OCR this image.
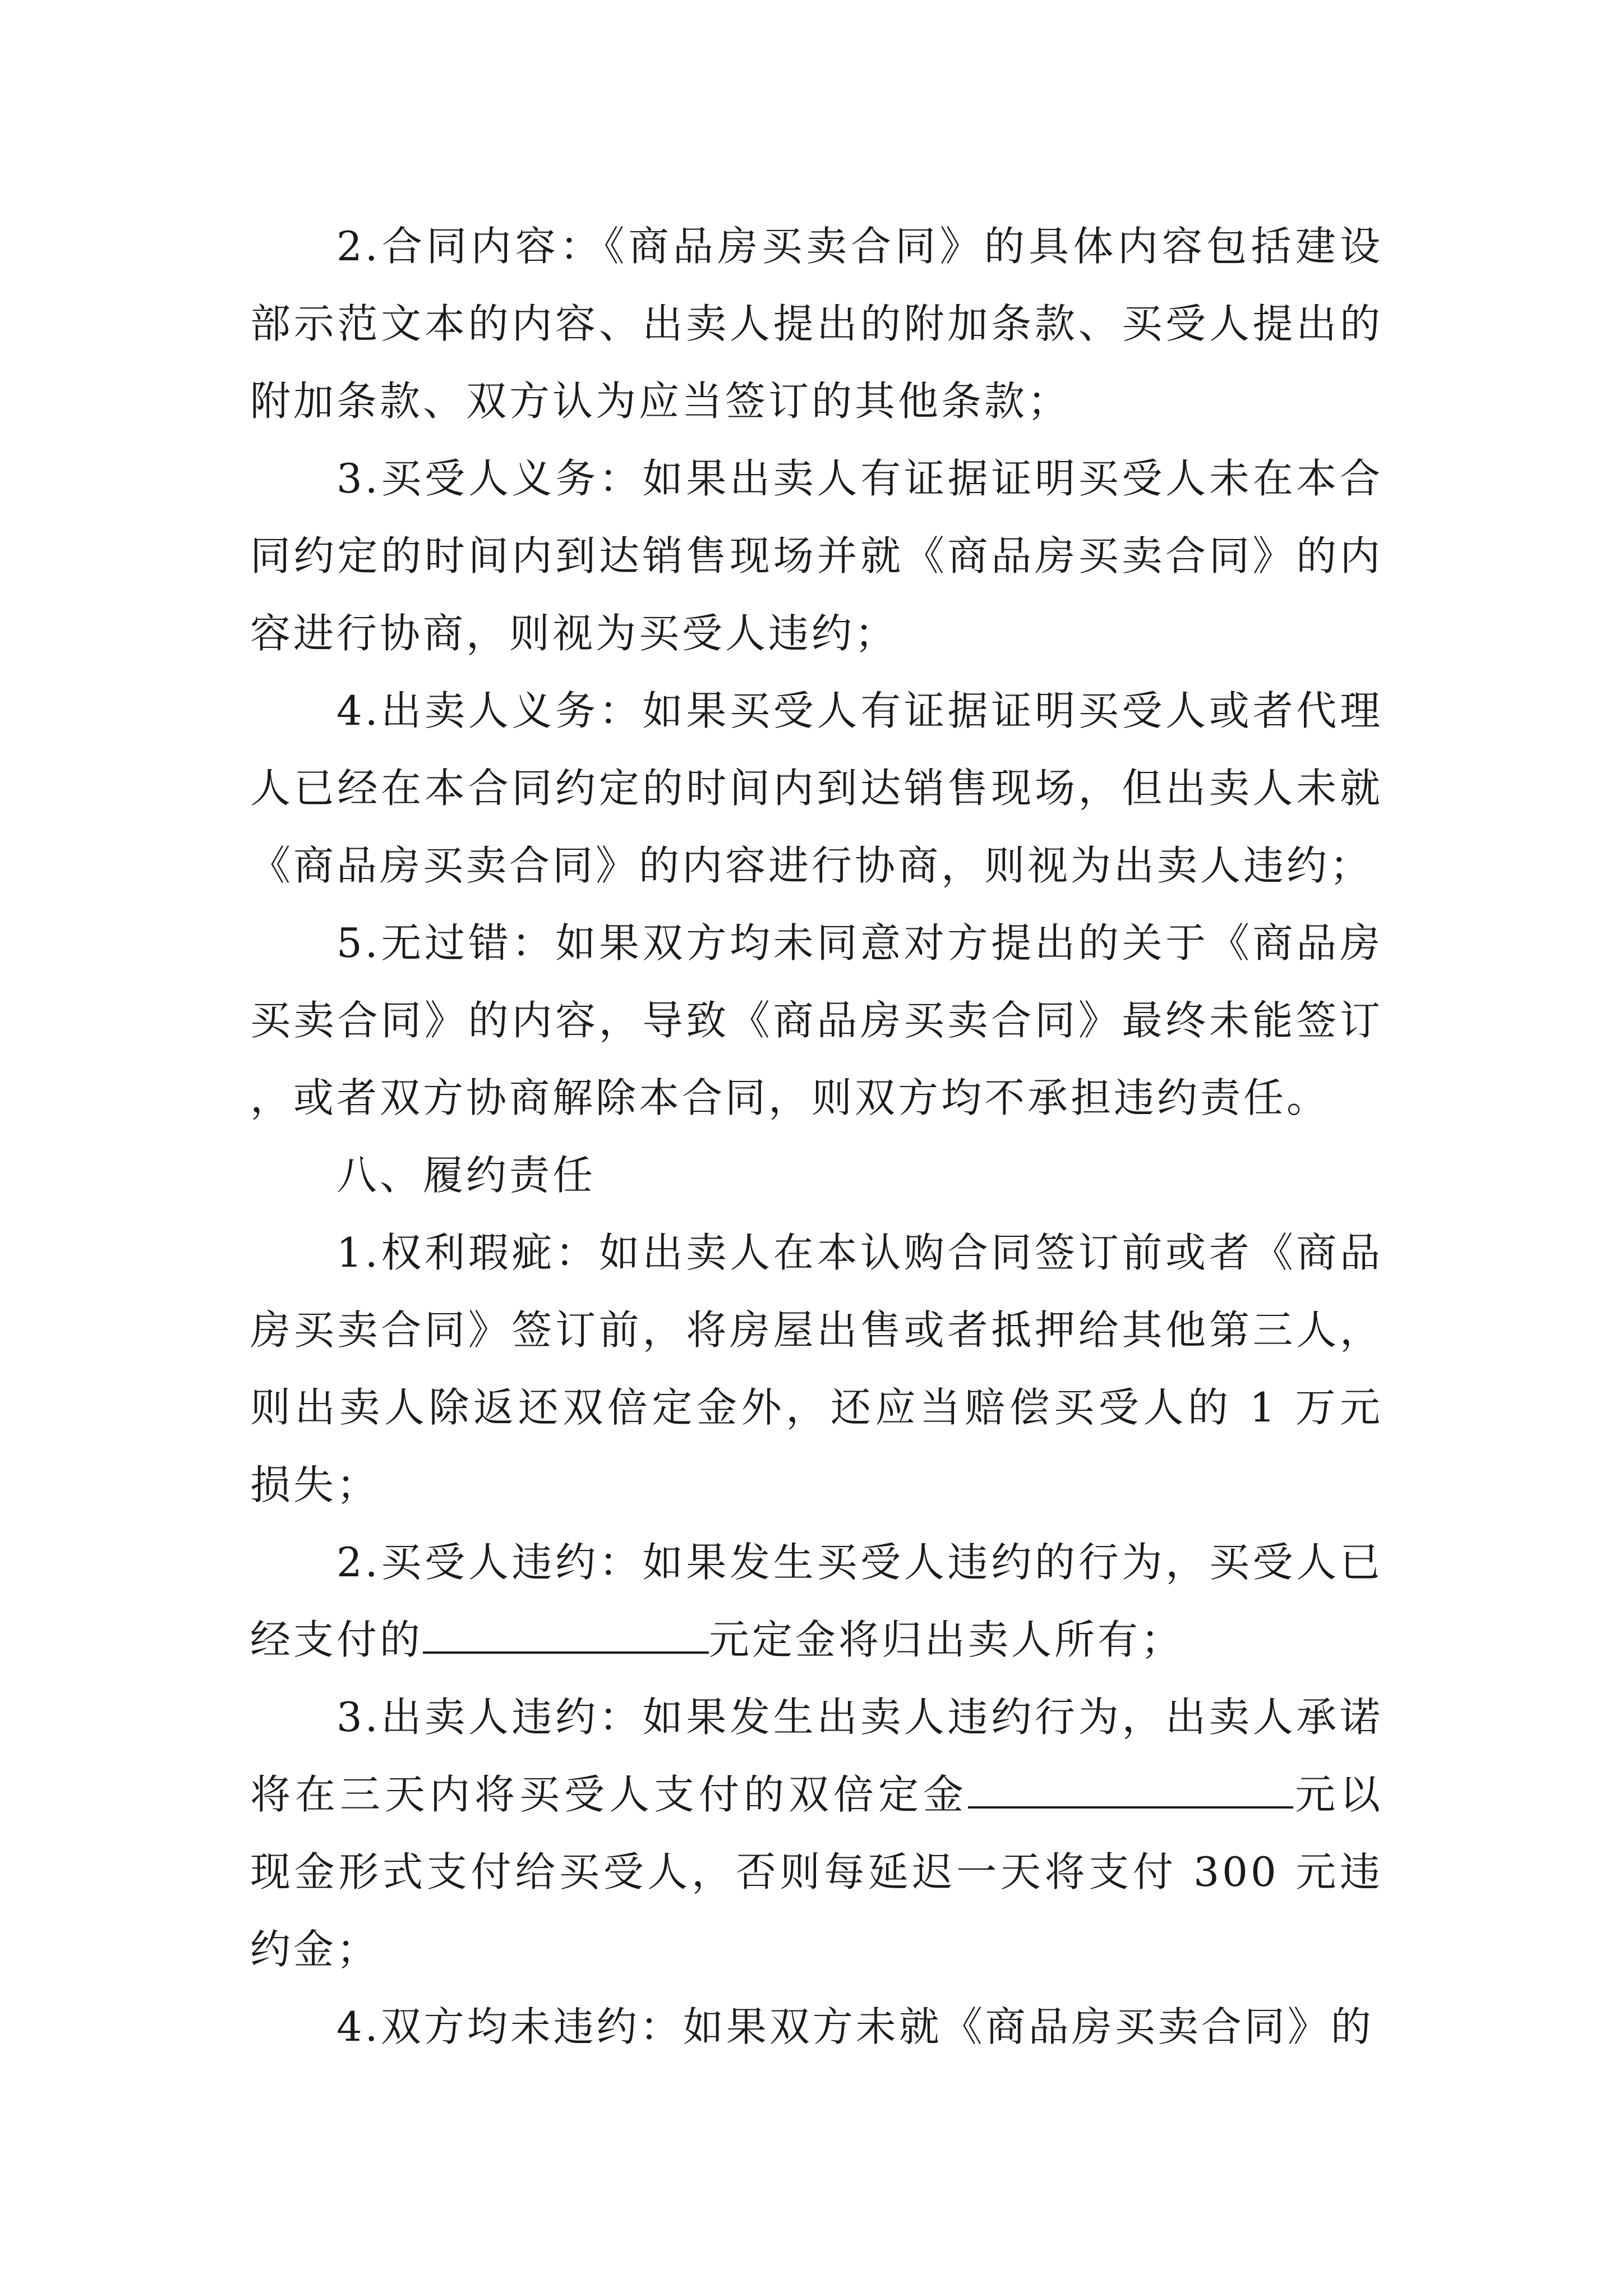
2.合同内容：《商品房买卖合同》的具体内容包括建设部示范文本的内容、出卖人提出的附加条款、买受人提出的附加条款、双方认为应当签订的其他条款；

3.买受人义务：如果出卖人有证据证明买受人未在本合同约定的时间内到达销售现场并就《商品房买卖合同》的内容进行协商，则视为买受人违约；

4.出卖人义务：如果买受人有证据证明买受人或者代理人已经在本合同约定的时间内到达销售现场，但出卖人未就《商品房买卖合同》的内容进行协商，则视为出卖人违约；

5.无过错：如果双方均未同意对方提出的关于《商品房买卖合同》的内容，导致《商品房买卖合同》最终未能签订，或者双方协商解除本合同，则双方均不承担违约责任。

八、履约责任

1.权利瑕疵：如出卖人在本认购合同签订前或者《商品房买卖合同》签订前，将房屋出售或者抵押给其他第三人，则出卖人除返还双倍定金外，还应当赔偿买受人的 1 万元损失；

2.买受人违约：如果发生买受人违约的行为，买受人已经支付的	元定金将归出卖人所有；

3.出卖人违约：如果发生出卖人违约行为，出卖人承诺将在三天内将买受人支付的双倍定金	元以现金形式支付给买受人，否则每延迟一天将支付 300 元违约金；

4.双方均未违约：如果双方未就《商品房买卖合同》的
